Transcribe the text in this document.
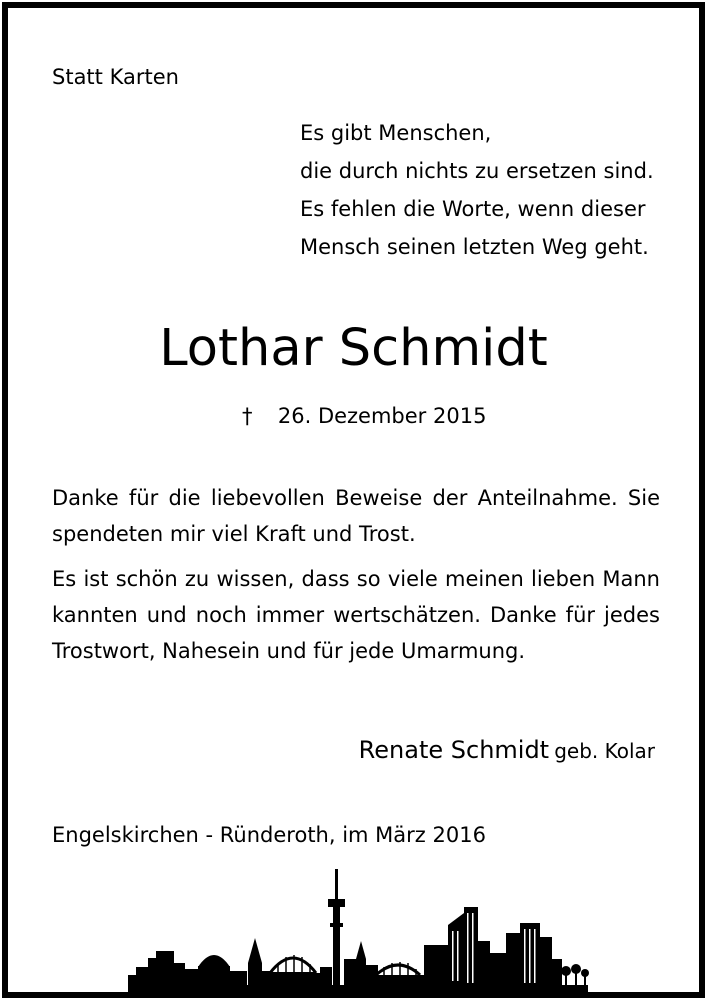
Statt Karten
Es gibt Menschen,
die durch nichts zu ersetzen sind.
Es fehlen die Worte, wenn dieser
Mensch seinen letzten Weg geht.
Lothar Schmidt
† 26. Dezember 2015
Danke für die liebevollen Beweise der Anteilnahme. Sie spendeten mir viel Kraft und Trost.
Es ist schön zu wissen, dass so viele meinen lieben Mann kannten und noch immer wertschätzen. Danke für jedes Trostwort, Nahesein und für jede Umarmung.
Renate Schmidt geb. Kolar
Engelskirchen - Ründeroth, im März 2016
